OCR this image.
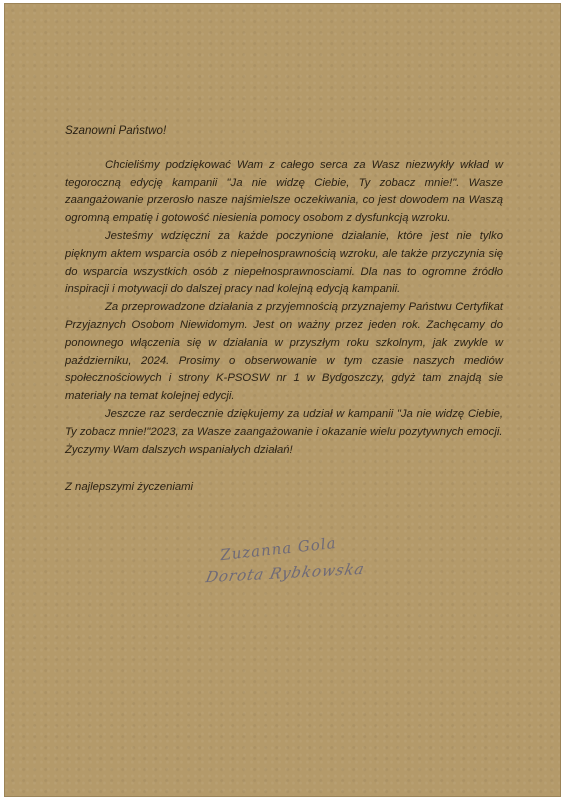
Szanowni Państwo!

Chcieliśmy podziękować Wam z całego serca za Wasz niezwykły wkład w tegoroczną edycję kampanii "Ja nie widzę Ciebie, Ty zobacz mnie!". Wasze zaangażowanie przerosło nasze najśmielsze oczekiwania, co jest dowodem na Waszą ogromną empatię i gotowość niesienia pomocy osobom z dysfunkcją wzroku.

Jesteśmy wdzięczni za każde poczynione działanie, które jest nie tylko pięknym aktem wsparcia osób z niepełnosprawnością wzroku, ale także przyczynia się do wsparcia wszystkich osób z niepełnosprawnosciami. Dla nas to ogromne źródło inspiracji i motywacji do dalszej pracy nad kolejną edycją kampanii.

Za przeprowadzone działania z przyjemnością przyznajemy Państwu Certyfikat Przyjaznych Osobom Niewidomym. Jest on ważny przez jeden rok. Zachęcamy do ponownego włączenia się w działania w przyszłym roku szkolnym, jak zwykle w październiku, 2024. Prosimy o obserwowanie w tym czasie naszych mediów społecznościowych i strony K-PSOSW nr 1 w Bydgoszczy, gdyż tam znajdą sie materiały na temat kolejnej edycji.

Jeszcze raz serdecznie dziękujemy za udział w kampanii "Ja nie widzę Ciebie, Ty zobacz mnie!"2023, za Wasze zaangażowanie i okazanie wielu pozytywnych emocji.

Życzymy Wam dalszych wspaniałych działań!

Z najlepszymi życzeniami

Zuzanna Gola
Dorota Rybkowska
